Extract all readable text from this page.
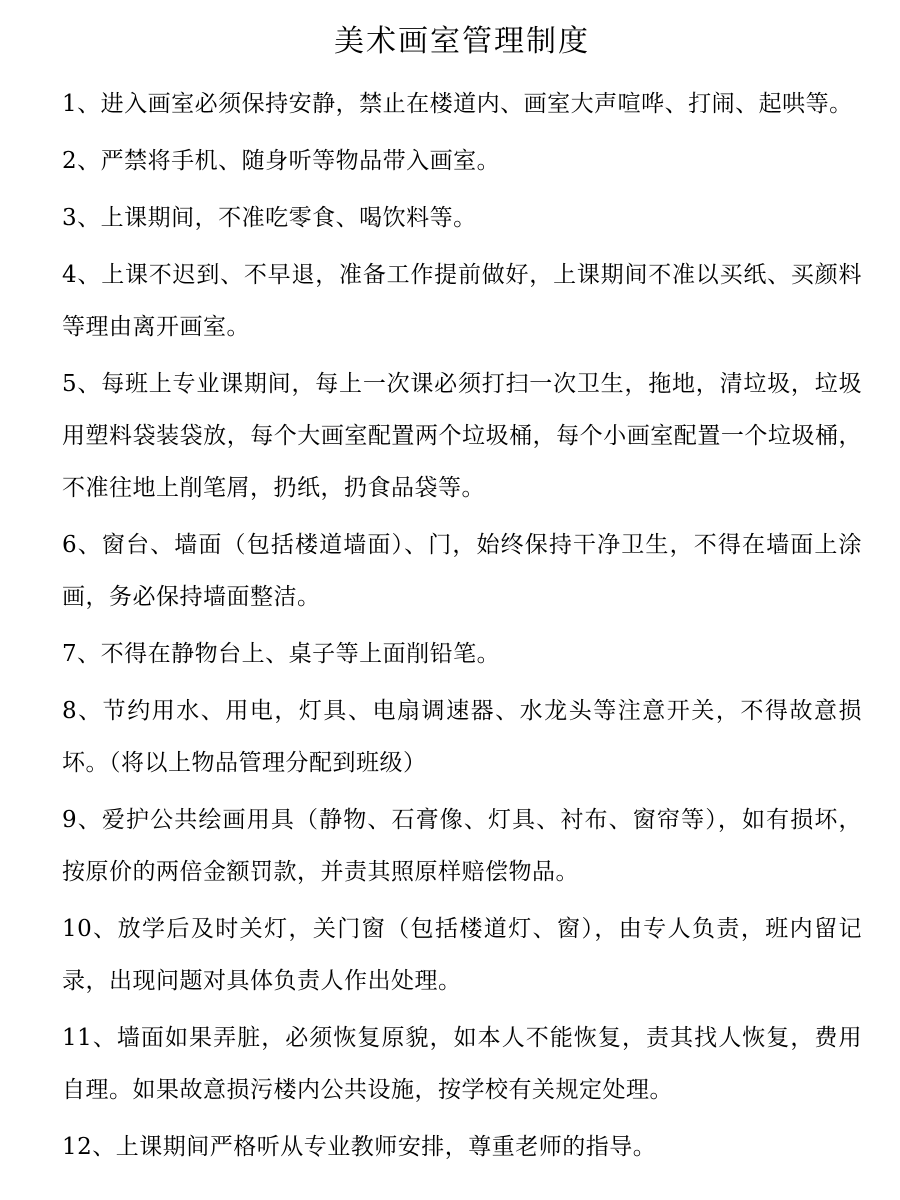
美术画室管理制度

1、进入画室必须保持安静，禁止在楼道内、画室大声喧哗、打闹、起哄等。

2、严禁将手机、随身听等物品带入画室。

3、上课期间，不准吃零食、喝饮料等。

4、上课不迟到、不早退，准备工作提前做好，上课期间不准以买纸、买颜料等理由离开画室。

5、每班上专业课期间，每上一次课必须打扫一次卫生，拖地，清垃圾，垃圾用塑料袋装袋放，每个大画室配置两个垃圾桶，每个小画室配置一个垃圾桶，不准往地上削笔屑，扔纸，扔食品袋等。

6、窗台、墙面（包括楼道墙面）、门，始终保持干净卫生，不得在墙面上涂画，务必保持墙面整洁。

7、不得在静物台上、桌子等上面削铅笔。

8、节约用水、用电，灯具、电扇调速器、水龙头等注意开关，不得故意损坏。（将以上物品管理分配到班级）

9、爱护公共绘画用具（静物、石膏像、灯具、衬布、窗帘等），如有损坏，按原价的两倍金额罚款，并责其照原样赔偿物品。

10、放学后及时关灯，关门窗（包括楼道灯、窗），由专人负责，班内留记录，出现问题对具体负责人作出处理。

11、墙面如果弄脏，必须恢复原貌，如本人不能恢复，责其找人恢复，费用自理。如果故意损污楼内公共设施，按学校有关规定处理。

12、上课期间严格听从专业教师安排，尊重老师的指导。
